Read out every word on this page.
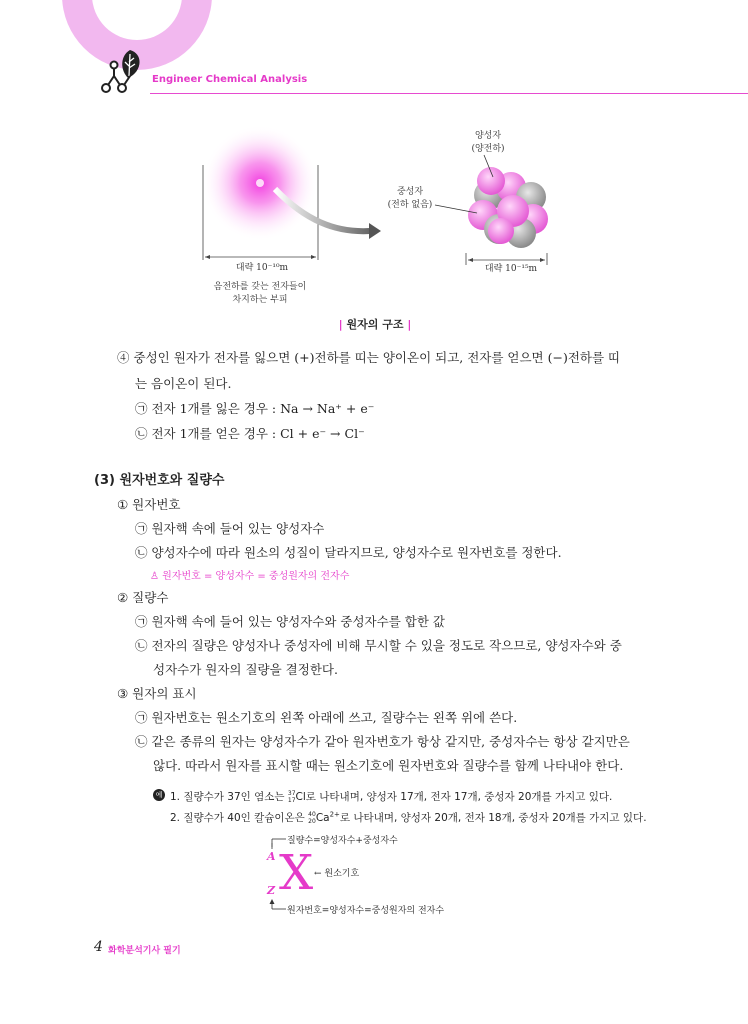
Engineer Chemical Analysis
양성자
(양전하)
중성자
(전하 없음)
대략 10⁻¹⁰m
음전하를 갖는 전자들이
차지하는 부피
대략 10⁻¹⁵m
| 원자의 구조 |
④ 중성인 원자가 전자를 잃으면 (+)전하를 띠는 양이온이 되고, 전자를 얻으면 (−)전하를 띠
는 음이온이 된다.
㉠ 전자 1개를 잃은 경우 : Na → Na⁺ + e⁻
㉡ 전자 1개를 얻은 경우 : Cl + e⁻ → Cl⁻
(3) 원자번호와 질량수
① 원자번호
㉠ 원자핵 속에 들어 있는 양성자수
㉡ 양성자수에 따라 원소의 성질이 달라지므로, 양성자수로 원자번호를 정한다.
♙ 원자번호 = 양성자수 = 중성원자의 전자수
② 질량수
㉠ 원자핵 속에 들어 있는 양성자수와 중성자수를 합한 값
㉡ 전자의 질량은 양성자나 중성자에 비해 무시할 수 있을 정도로 작으므로, 양성자수와 중
성자수가 원자의 질량을 결정한다.
③ 원자의 표시
㉠ 원자번호는 원소기호의 왼쪽 아래에 쓰고, 질량수는 왼쪽 위에 쓴다.
㉡ 같은 종류의 원자는 양성자수가 같아 원자번호가 항상 같지만, 중성자수는 항상 같지만은
않다. 따라서 원자를 표시할 때는 원소기호에 원자번호와 질량수를 함께 나타내야 한다.
예 1. 질량수가 37인 염소는 37
17Cl로 나타내며, 양성자 17개, 전자 17개, 중성자 20개를 가지고 있다.
2. 질량수가 40인 칼슘이온은 40
$20Ca^{2+}$로 나타내며, 양성자 20개, 전자 18개, 중성자 20개를 가지고 있다.
질량수=양성자수+중성자수
A X
Z
← 원소기호
원자번호=양성자수=중성원자의 전자수
4 화학분석기사 필기
